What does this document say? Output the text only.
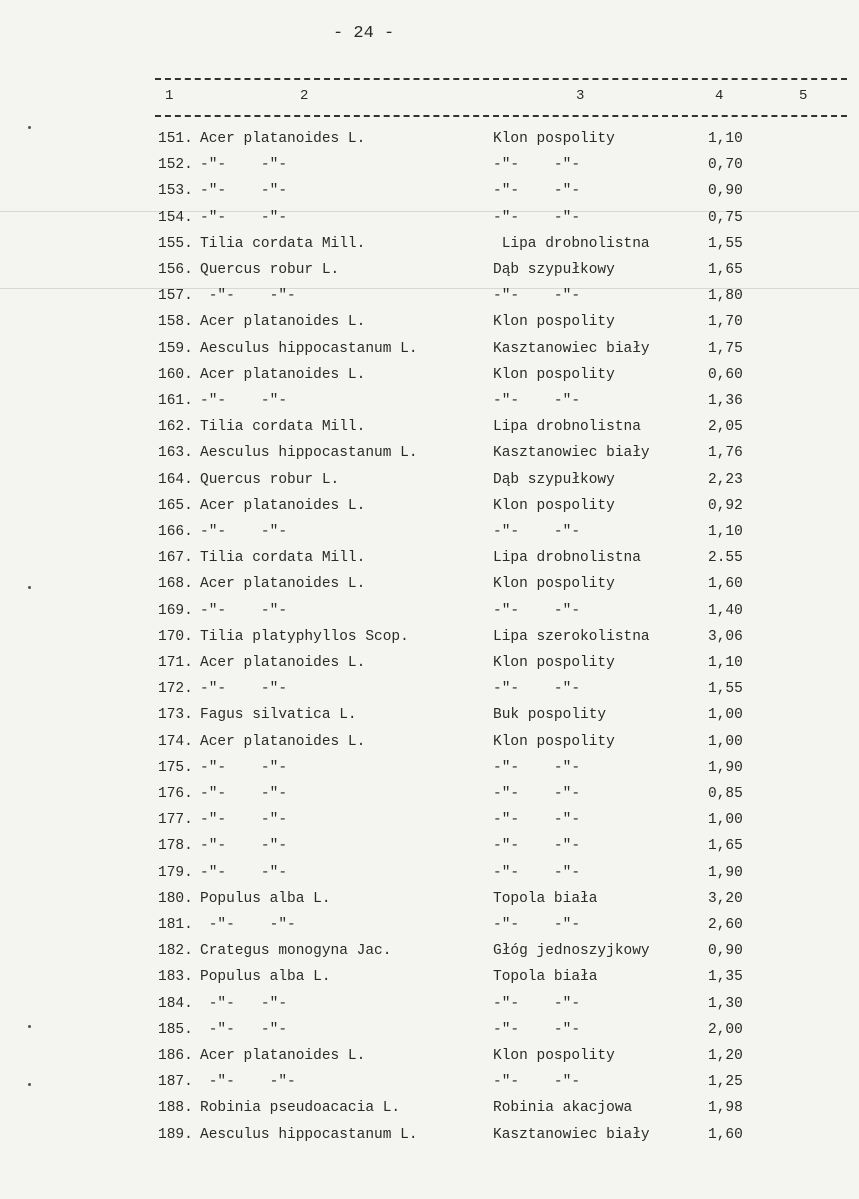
- 24 -
1	2	3	4	5
151. Acer platanoides L.	Klon pospolity	1,10
152. -"-    -"-	-"-    -"-	0,70
153. -"-    -"-	-"-    -"-	0,90
154. -"-    -"-	-"-    -"-	0,75
155. Tilia cordata Mill.	Lipa drobnolistna	1,55
156. Quercus robur L.	Dąb szypułkowy	1,65
157. -"-    -"-	-"-    -"-	1,80
158. Acer platanoides L.	Klon pospolity	1,70
159. Aesculus hippocastanum L.	Kasztanowiec biały	1,75
160. Acer platanoides L.	Klon pospolity	0,60
161. -"-    -"-	-"-    -"-	1,36
162. Tilia cordata Mill.	Lipa drobnolistna	2,05
163. Aesculus hippocastanum L.	Kasztanowiec biały	1,76
164. Quercus robur L.	Dąb szypułkowy	2,23
165. Acer platanoides L.	Klon pospolity	0,92
166. -"-    -"-	-"-    -"-	1,10
167. Tilia cordata Mill.	Lipa drobnolistna	2.55
168. Acer platanoides L.	Klon pospolity	1,60
169. -"-    -"-	-"-    -"-	1,40
170. Tilia platyphyllos Scop.	Lipa szerokolistna	3,06
171. Acer platanoides L.	Klon pospolity	1,10
172. -"-    -"-	-"-    -"-	1,55
173. Fagus silvatica L.	Buk pospolity	1,00
174. Acer platanoides L.	Klon pospolity	1,00
175. -"-    -"-	-"-    -"-	1,90
176. -"-    -"-	-"-    -"-	0,85
177. -"-    -"-	-"-    -"-	1,00
178. -"-    -"-	-"-    -"-	1,65
179. -"-    -"-	-"-    -"-	1,90
180. Populus alba L.	Topola biała	3,20
181. -"-    -"-	-"-    -"-	2,60
182. Crategus monogyna Jac.	Głóg jednoszyjkowy	0,90
183. Populus alba L.	Topola biała	1,35
184. -"-   -"-	-"-    -"-	1,30
185. -"-   -"-	-"-    -"-	2,00
186. Acer platanoides L.	Klon pospolity	1,20
187. -"-    -"-	-"-    -"-	1,25
188. Robinia pseudoacacia L.	Robinia akacjowa	1,98
189. Aesculus hippocastanum L.	Kasztanowiec biały	1,60
